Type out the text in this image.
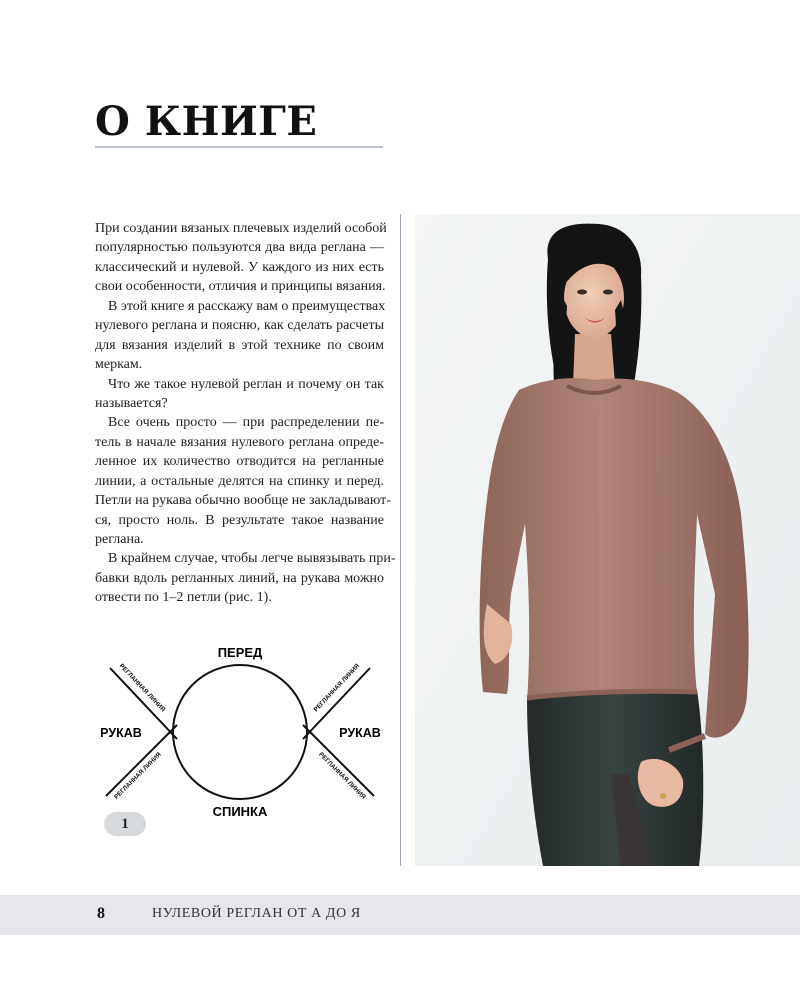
О КНИГЕ
При создании вязаных плечевых изделий особой
популярностью пользуются два вида реглана —
классический и нулевой. У каждого из них есть
свои особенности, отличия и принципы вязания.
В этой книге я расскажу вам о преимуществах
нулевого реглана и поясню, как сделать расчеты
для вязания изделий в этой технике по своим
меркам.
Что же такое нулевой реглан и почему он так
называется?
Все очень просто — при распределении пе-
тель в начале вязания нулевого реглана опреде-
ленное их количество отводится на регланные
линии, а остальные делятся на спинку и перед.
Петли на рукава обычно вообще не закладывают-
ся, просто ноль. В результате такое название
реглана.
В крайнем случае, чтобы легче вывязывать при-
бавки вдоль регланных линий, на рукава можно
отвести по 1–2 петли (рис. 1).
ПЕРЕД
СПИНКА
РУКАВ	РУКАВ
РЕГЛАННАЯ ЛИНИЯ
РЕГЛАННАЯ ЛИНИЯ
РЕГЛАННАЯ ЛИНИЯ
РЕГЛАННАЯ ЛИНИЯ
1
8	НУЛЕВОЙ РЕГЛАН ОТ А ДО Я
